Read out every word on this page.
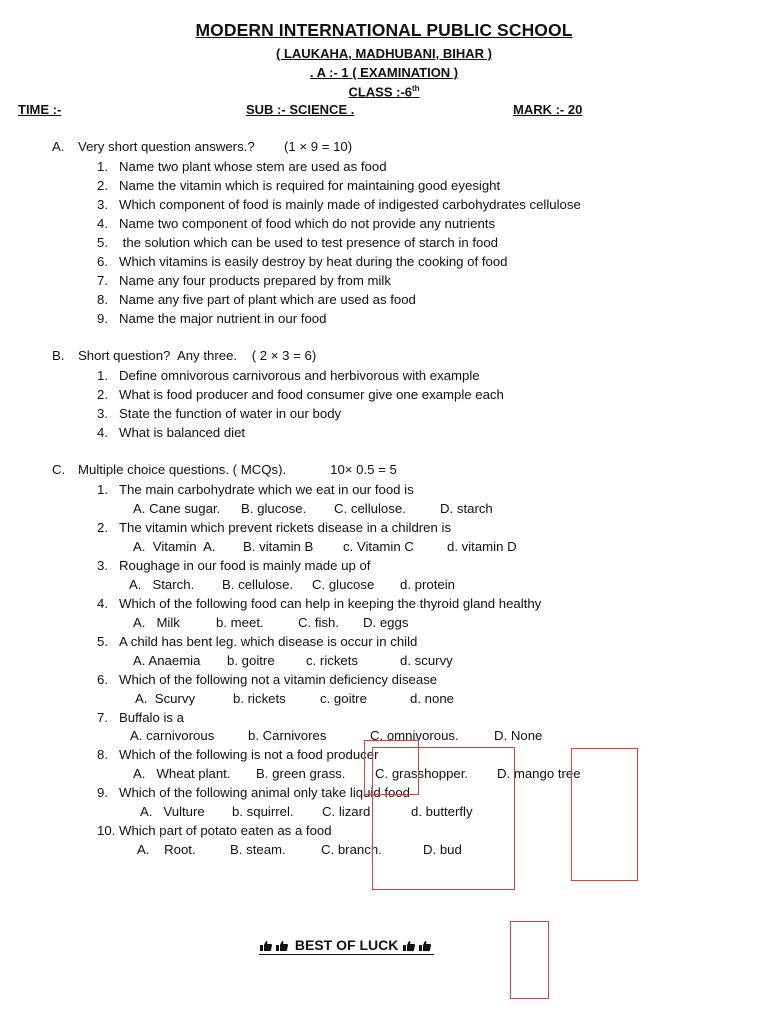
MODERN INTERNATIONAL PUBLIC SCHOOL
( LAUKAHA, MADHUBANI, BIHAR )
. A :- 1 ( EXAMINATION )
CLASS :-6th
TIME :-	SUB :- SCIENCE .	MARK :- 20
A. Very short question answers.?        (1 × 9 = 10)
1. Name two plant whose stem are used as food
2. Name the vitamin which is required for maintaining good eyesight
3. Which component of food is mainly made of indigested carbohydrates cellulose
4. Name two component of food which do not provide any nutrients
5. the solution which can be used to test presence of starch in food
6. Which vitamins is easily destroy by heat during the cooking of food
7. Name any four products prepared by from milk
8. Name any five part of plant which are used as food
9. Name the major nutrient in our food
B. Short question?  Any three.    ( 2 × 3 = 6)
1. Define omnivorous carnivorous and herbivorous with example
2. What is food producer and food consumer give one example each
3. State the function of water in our body
4. What is balanced diet
C. Multiple choice questions. ( MCQs).            10× 0.5 = 5
1. The main carbohydrate which we eat in our food is
A. Cane sugar. B. glucose. C. cellulose.	D. starch
2. The vitamin which prevent rickets disease in a children is
A.  Vitamin  A. B. vitamin B c. Vitamin C	d. vitamin D
3. Roughage in our food is mainly made up of
A.   Starch. B. cellulose. C. glucose d. protein
4. Which of the following food can help in keeping the thyroid gland healthy
A.   Milk	b. meet.	C. fish. D. eggs
5. A child has bent leg. which disease is occur in child
A. Anaemia b. goitre c. rickets	d. scurvy
6. Which of the following not a vitamin deficiency disease
A.  Scurvy	b. rickets	c. goitre	d. none
7. Buffalo is a
A. carnivorous	b. Carnivores	C. omnivorous.	D. None
8. Which of the following is not a food producer
A.   Wheat plant. B. green grass. C. grasshopper. D. mango tree
9. Which of the following animal only take liquid food
A.   Vulture b. squirrel. C. lizard	d. butterfly
10. Which part of potato eaten as a food
A.    Root.	B. steam.	C. branch.	D. bud
BEST OF LUCK
